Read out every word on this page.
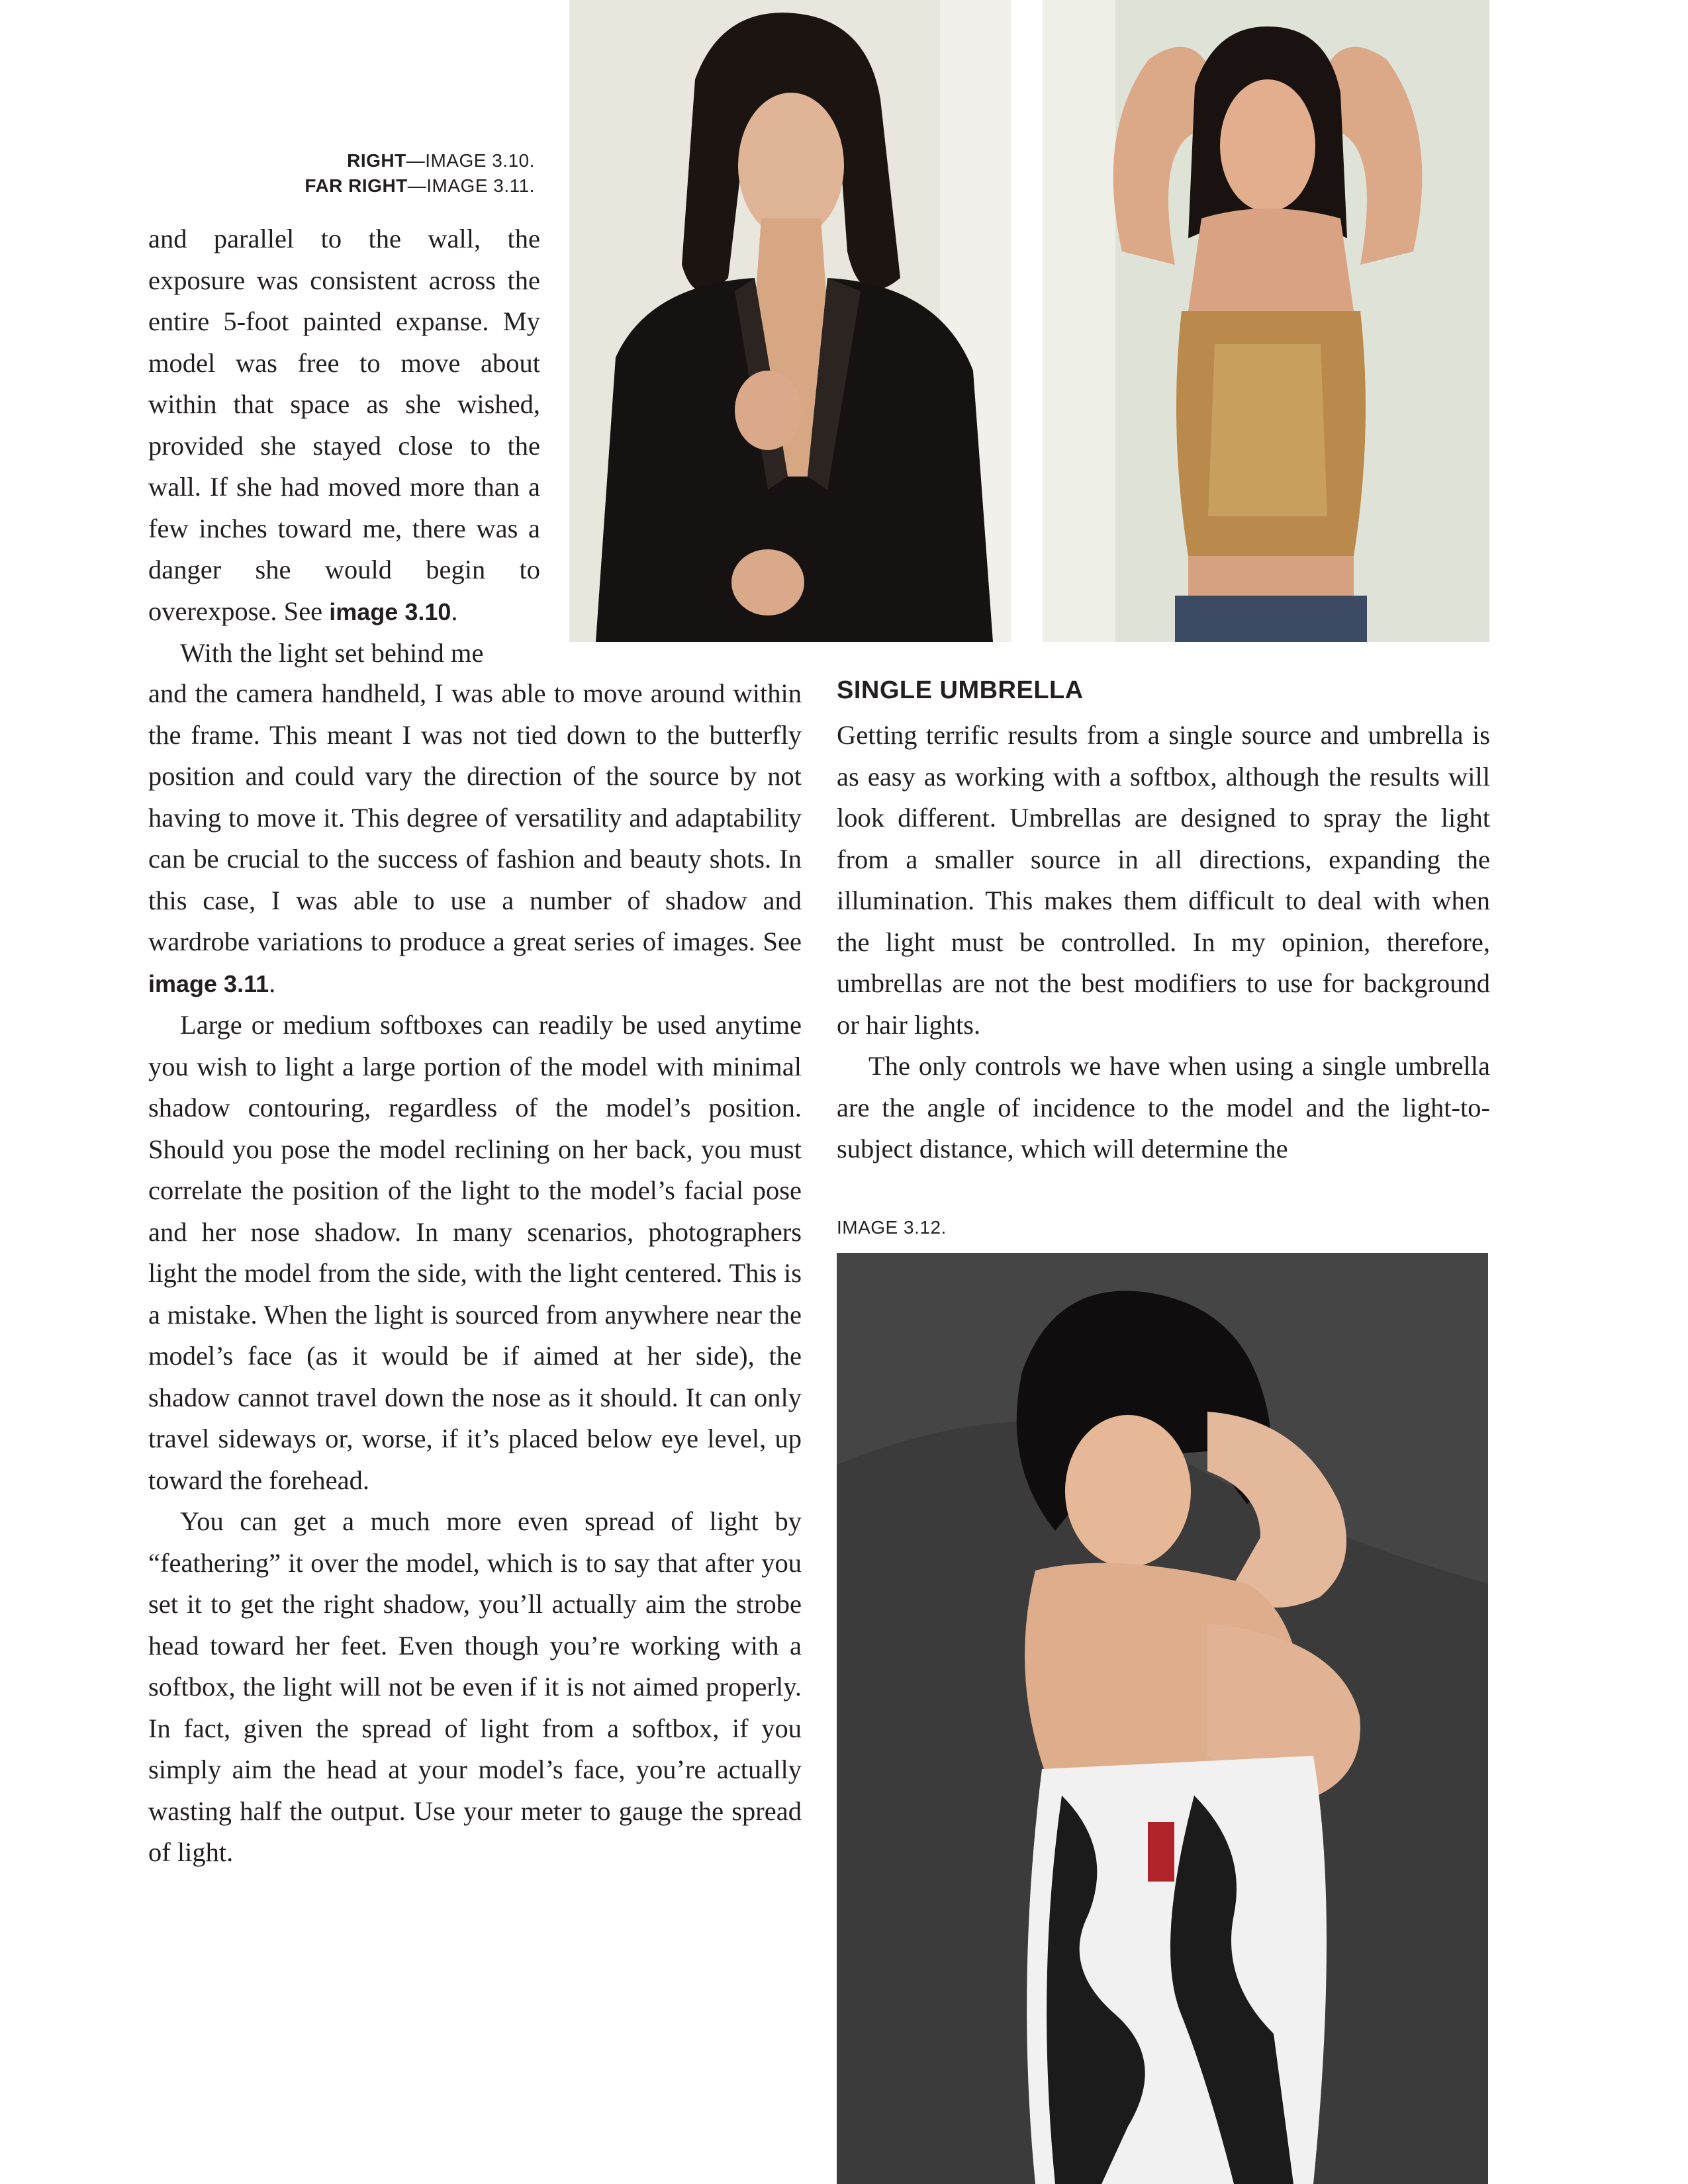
RIGHT—IMAGE 3.10.
FAR RIGHT—IMAGE 3.11.

and parallel to the wall, the exposure was consistent across the entire 5-foot painted expanse. My model was free to move about within that space as she wished, provided she stayed close to the wall. If she had moved more than a few inches toward me, there was a danger she would begin to overexpose. See image 3.10.

With the light set behind me

and the camera handheld, I was able to move around within the frame. This meant I was not tied down to the butterfly position and could vary the direction of the source by not having to move it. This degree of versatility and adaptability can be crucial to the success of fashion and beauty shots. In this case, I was able to use a number of shadow and wardrobe variations to produce a great series of images. See image 3.11.

Large or medium softboxes can readily be used anytime you wish to light a large portion of the model with minimal shadow contouring, regardless of the model’s position. Should you pose the model reclining on her back, you must correlate the position of the light to the model’s facial pose and her nose shadow. In many scenarios, photographers light the model from the side, with the light centered. This is a mistake. When the light is sourced from anywhere near the model’s face (as it would be if aimed at her side), the shadow cannot travel down the nose as it should. It can only travel sideways or, worse, if it’s placed below eye level, up toward the forehead.

You can get a much more even spread of light by “feathering” it over the model, which is to say that after you set it to get the right shadow, you’ll actually aim the strobe head toward her feet. Even though you’re working with a softbox, the light will not be even if it is not aimed properly. In fact, given the spread of light from a softbox, if you simply aim the head at your model’s face, you’re actually wasting half the output. Use your meter to gauge the spread of light.

SINGLE UMBRELLA

Getting terrific results from a single source and umbrella is as easy as working with a softbox, although the results will look different. Umbrellas are designed to spray the light from a smaller source in all directions, expanding the illumination. This makes them difficult to deal with when the light must be controlled. In my opinion, therefore, umbrellas are not the best modifiers to use for background or hair lights.

The only controls we have when using a single umbrella are the angle of incidence to the model and the light-to-subject distance, which will determine the

IMAGE 3.12.
